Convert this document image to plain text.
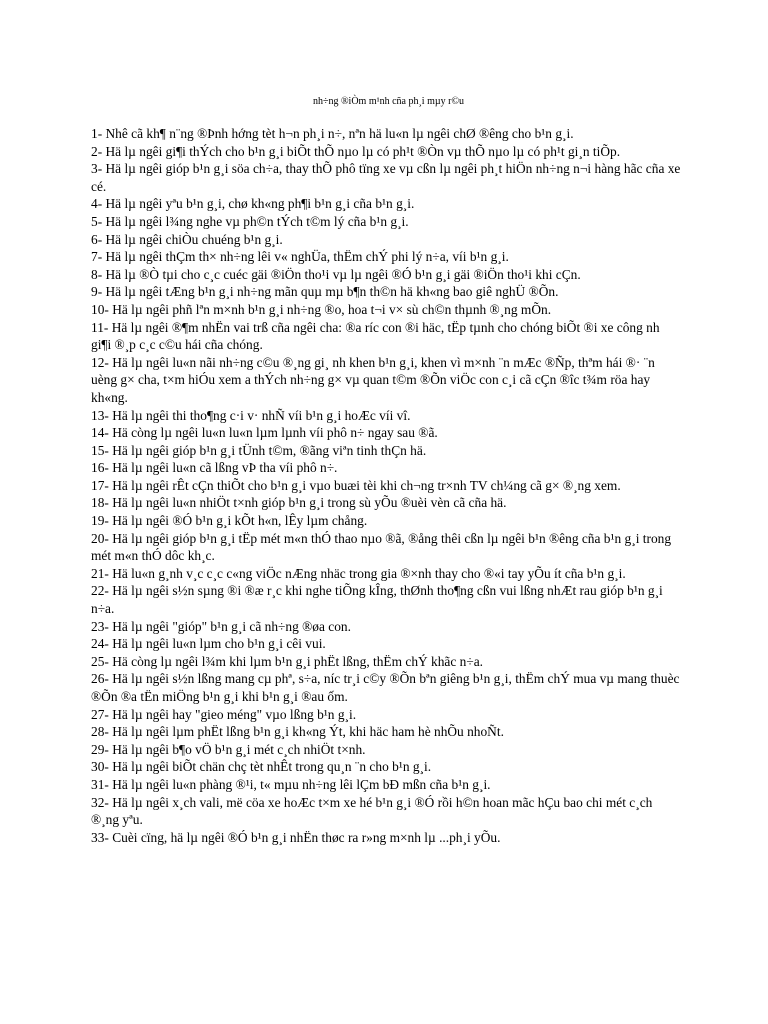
nh÷ng ®iÒm m¹nh cña ph¸i mµy r©u
1- Nhê cã kh¶ n¨ng ®Þnh hớng tèt h¬n ph¸i n÷, nªn hä lu«n lµ ngêi chØ ®êng cho b¹n g¸i.
2- Hä lµ ngêi gi¶i thÝch cho b¹n g¸i biÕt thÕ nµo lµ có ph¹t ®Òn vµ thÕ nµo lµ có ph¹t gi¸n tiÕp.
3- Hä lµ ngêi gióp b¹n g¸i söa ch÷a, thay thÕ phô tïng xe vµ cßn lµ ngêi ph¸t hiÖn nh÷ng n¬i hàng hãc cña xe cé.
4- Hä lµ ngêi yªu b¹n g¸i, chø kh«ng ph¶i b¹n g¸i cña b¹n g¸i.
5- Hä lµ ngêi l¾ng nghe vµ ph©n tÝch t©m lý cña b¹n g¸i.
6- Hä lµ ngêi chiÒu chuéng b¹n g¸i.
7- Hä lµ ngêi thÇm th× nh÷ng lêi v« nghÜa, thËm chÝ phi lý n÷a, víi b¹n g¸i.
8- Hä lµ ®Ò tµi cho c¸c cuéc gäi ®iÖn tho¹i vµ lµ ngêi ®Ó b¹n g¸i gäi ®iÖn tho¹i khi cÇn.
9- Hä lµ ngêi tÆng b¹n g¸i nh÷ng mãn quµ mµ b¶n th©n hä kh«ng bao giê nghÜ ®Õn.
10- Hä lµ ngêi phñ lªn m×nh b¹n g¸i nh÷ng ®o, hoa t¬i v× sù ch©n thµnh ®¸ng mÕn.
11- Hä lµ ngêi ®¶m nhËn vai trß cña ngêi cha: ®a ríc con ®i häc, tËp tµnh cho chóng biÕt ®i xe công nh gi¶i ®¸p c¸c c©u hái cña chóng.
12- Hä lµ ngêi lu«n nãi nh÷ng c©u ®¸ng gi¸ nh khen b¹n g¸i, khen vì m×nh ¨n mÆc ®Ñp, thªm hái ®· ¨n uèng g× cha, t×m hiÓu xem a thÝch nh÷ng g× vµ quan t©m ®Õn viÖc con c¸i cã cÇn ®îc t¾m röa hay kh«ng.
13- Hä lµ ngêi thi tho¶ng c·i v· nhÑ víi b¹n g¸i hoÆc víi vî.
14- Hä còng lµ ngêi lu«n lu«n lµm lµnh víi phô n÷ ngay sau ®ã.
15- Hä lµ ngêi gióp b¹n g¸i tÜnh t©m, ®ãng viªn tinh thÇn hä.
16- Hä lµ ngêi lu«n cã lßng vÞ tha víi phô n÷.
17- Hä lµ ngêi rÊt cÇn thiÕt cho b¹n g¸i vµo buæi tèi khi ch¬ng tr×nh TV ch¼ng cã g× ®¸ng xem.
18- Hä lµ ngêi lu«n nhiÖt t×nh gióp b¹n g¸i trong sù yÕu ®uèi vèn cã cña hä.
19- Hä lµ ngêi ®Ó b¹n g¸i kÕt h«n, lÊy lµm chång.
20- Hä lµ ngêi gióp b¹n g¸i tËp mét m«n thÓ thao nµo ®ã, ®ång thêi cßn lµ ngêi b¹n ®êng cña b¹n g¸i trong mét m«n thÓ dôc kh¸c.
21- Hä lu«n g¸nh v¸c c¸c c«ng viÖc nÆng nhäc trong gia ®×nh thay cho ®«i tay yÕu ít cña b¹n g¸i.
22- Hä lµ ngêi s½n sµng ®i ®æ r¸c khi nghe tiÕng kÎng, thØnh tho¶ng cßn vui lßng nhÆt rau gióp b¹n g¸i n÷a.
23- Hä lµ ngêi "gióp" b¹n g¸i cã nh÷ng ®øa con.
24- Hä lµ ngêi lu«n lµm cho b¹n g¸i cêi vui.
25- Hä còng lµ ngêi l¾m khi lµm b¹n g¸i phËt lßng, thËm chÝ khãc n÷a.
26- Hä lµ ngêi s½n lßng mang cµ phª, s÷a, níc tr¸i c©y ®Õn bªn giêng b¹n g¸i, thËm chÝ mua vµ mang thuèc ®Õn ®a tËn miÖng b¹n g¸i khi b¹n g¸i ®au ốm.
27- Hä lµ ngêi hay "gieo méng" vµo lßng b¹n g¸i.
28- Hä lµ ngêi lµm phËt lßng b¹n g¸i kh«ng Ýt, khi häc ham hè nhÕu nhoÑt.
29- Hä lµ ngêi b¶o vÖ b¹n g¸i mét c¸ch nhiÖt t×nh.
30- Hä lµ ngêi biÕt chän chç tèt nhÊt trong qu¸n ¨n cho b¹n g¸i.
31- Hä lµ ngêi lu«n phàng ®¹i, t« mµu nh÷ng lêi lÇm bÐ mßn cña b¹n g¸i.
32- Hä lµ ngêi x¸ch vali, më cöa xe hoÆc t×m xe hé b¹n g¸i ®Ó rồi h©n hoan mãc hÇu bao chi mét c¸ch ®¸ng yªu.
33- Cuèi cïng, hä lµ ngêi ®Ó b¹n g¸i nhËn thøc ra r»ng m×nh lµ ...ph¸i yÕu.
